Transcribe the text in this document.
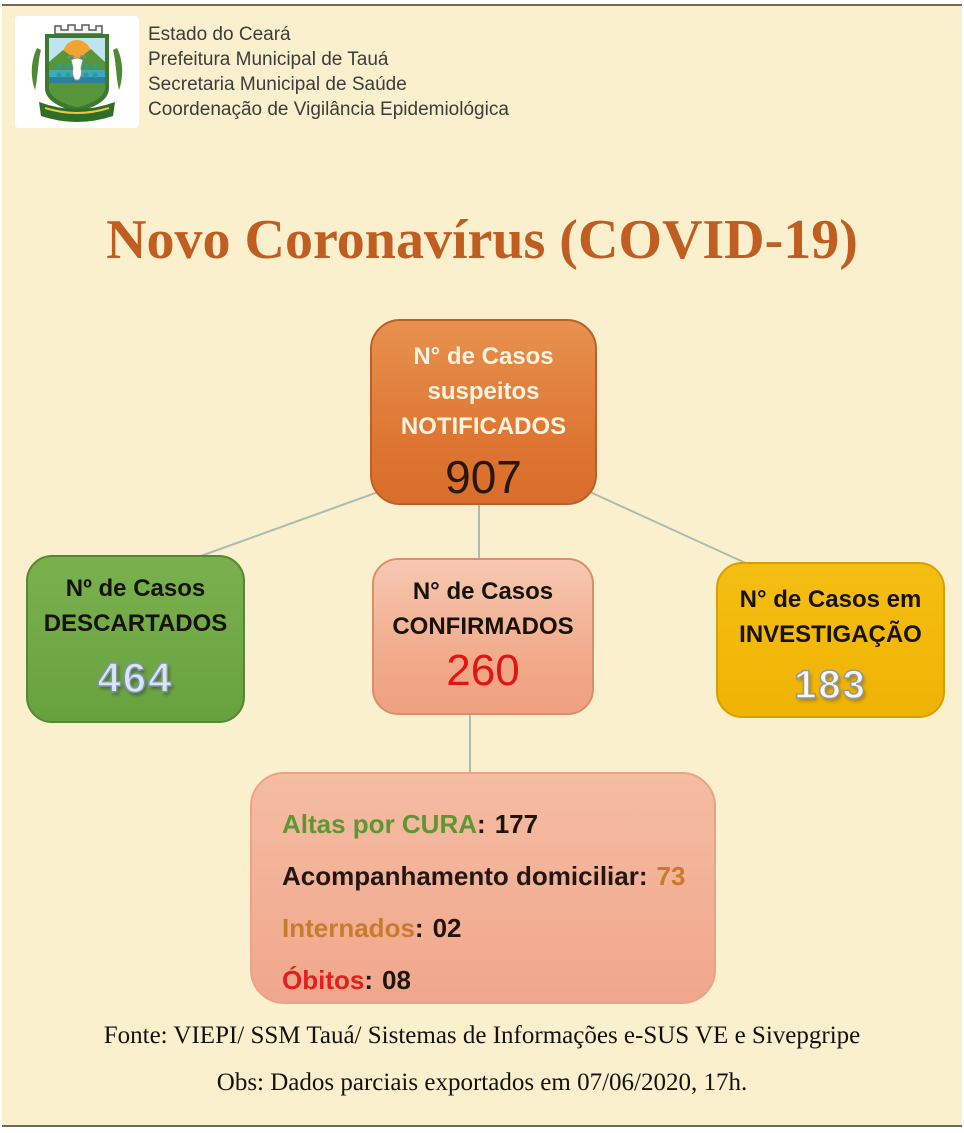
Estado do Ceará
Prefeitura Municipal de Tauá
Secretaria Municipal de Saúde
Coordenação de Vigilância Epidemiológica
Novo Coronavírus (COVID-19)
N° de Casos
suspeitos
NOTIFICADOS
907
Nº de Casos
DESCARTADOS
464
N° de Casos
CONFIRMADOS
260
N° de Casos em
INVESTIGAÇÃO
183
Altas por CURA: 177
Acompanhamento domiciliar: 73
Internados: 02
Óbitos: 08
Fonte: VIEPI/ SSM Tauá/ Sistemas de Informações e-SUS VE e Sivepgripe
Obs: Dados parciais exportados em 07/06/2020, 17h.
